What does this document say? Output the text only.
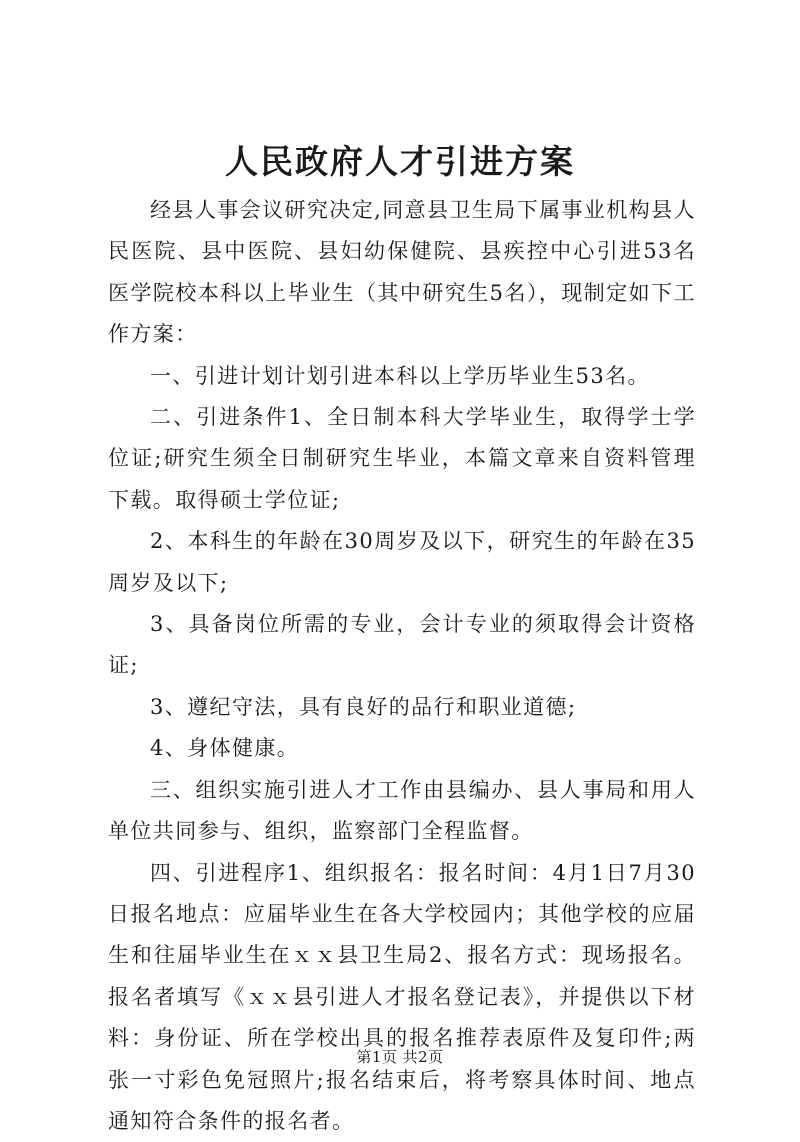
人民政府人才引进方案

经县人事会议研究决定,同意县卫生局下属事业机构县人民医院、县中医院、县妇幼保健院、县疾控中心引进53名医学院校本科以上毕业生（其中研究生5名），现制定如下工作方案：

一、引进计划计划引进本科以上学历毕业生53名。

二、引进条件1、全日制本科大学毕业生，取得学士学位证;研究生须全日制研究生毕业，本篇文章来自资料管理下载。取得硕士学位证;

2、本科生的年龄在30周岁及以下，研究生的年龄在35周岁及以下;

3、具备岗位所需的专业，会计专业的须取得会计资格证;

3、遵纪守法，具有良好的品行和职业道德;

4、身体健康。

三、组织实施引进人才工作由县编办、县人事局和用人单位共同参与、组织，监察部门全程监督。

四、引进程序1、组织报名：报名时间：4月1日7月30日报名地点：应届毕业生在各大学校园内；其他学校的应届生和往届毕业生在ｘｘ县卫生局2、报名方式：现场报名。报名者填写《ｘｘ县引进人才报名登记表》，并提供以下材料：身份证、所在学校出具的报名推荐表原件及复印件;两张一寸彩色免冠照片;报名结束后，将考察具体时间、地点通知符合条件的报名者。

第1页 共2页
